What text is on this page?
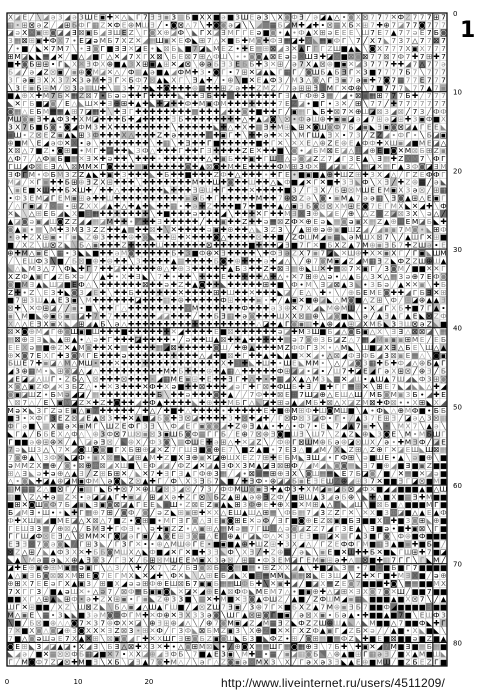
X ◪ E ╱ ╲ ◪ ə 3 ◢ ə 3 Ш E ▣ ✚ ✕ △ ◣ Г 7 Ǝ Ǝ ▣ 3 ▦ Б ■ X X ■ ə ■ 3 Ш E ə 3 ╲ X ◙ Ф Ǝ ╱ ə ◪ ▲ △ • ◙ X ⊠ 7 7 7 ✕ Ф Z 7 7 7 ⊞ 7
▦ • ⊞ ⊠ ə Z ╱ ◢ ⊞ Б Ф Г ▦ Z ✕ Ф E ⊕ M Ш Ǝ ╱ • ◙ ⊠ △ 7 ╲ ✚ ◙ ◙ ə ◪ ╲ ╲ ◢ ▦ ▦ Б ◪ M ✚ ◢ ✚ • ⊠ ▦ X Б ✕ ⊞ 7 ✚ ⊕ 7 ◪ 7 7 ◙ 7 7 7
◪ ə X ✕ ▣ ⊞ ◙ ◪ ◢ Ǝ ⊠ ▣ Б ◢ Ǝ Ш E Z ╲ Г ◙ X ⊕ ◪ Ф ╲ ◣ Г X ◪ Ǝ M Г Г E ə ■ ◙ • ▲ • Ф ▲ X ⊞ ə E E E ╲ Ш 7 E 7 ▲ 7 7 ə E 7 Б ◙
3 ▦ ⊠ ⊞ ▣ ✚ Ф X 7 • E ◪ ə M Б 7 X Z ✕ ◢ ▦ Ш ▣ ✕ E Ф ◣ ⊞ 7 △ ✕ ■ Б ✚ M ◙ ✚ Ф Ǝ ▦ ◪ ✚ X ◣ ▦ ▣ Ф Г ╲ 7 ╱ X 7 ◣ 7 3 7 △ 7 7 ⊠ 7
╱ • ■ ╱ ◣ ✕ 7 M 7 ╲ • Ǝ ◙ Г ■ Ǝ Ǝ ✕ ◪ E • ◣ ⊠ Б ◣ ■ 7 ◪ ◣ M E Z • ✚ E ▦ ⊞ ⊠ ◢ 3 ✕ ▲ Г Г Г Z Ш ■ ▲ ◣ ╲ ◙ X 7 7 7 X ▣ X 7 7 7
⊞ M ◪ ◣ ◣ ▦ ◢ ✕ ╱ ■ △ ◢ ■ Г △ ✕ ◢ 7 X Г X ⊠ ╲ Б E ⊠ 7 ⊞ △ Ф Ш ╲ • • ◙ ◙ ▲ ⊠ E ə ə ✕ Ш Ǝ ✚ ◪ ⊠ ■ ⊠ ◙ ⊠ 7 7 ⊠ 7 Ф 7 ✚ 7 ⊞ ✚ 7
■ ✚ ◙ Б ⊞ ⊞ • Г ◣ X ✕ Ǝ Ф X ⊕ ■ ▲ 3 X ⊞ ▣ ▲ ⊞ ✕ ◢ ⊠ ╲ ⊕ ə Б Ǝ 3 E Б Б ✚ 3 ✕ ⊞ ╱ ə 7 X ▲ ⊠ ⊕ ■ ▣ ✕ ◪ 3 7 7 7 ✚ ✚ ◢ 7 △ 7 7 ə
Б ◢ ╱ ə ◢ Z ⊠ ▣ ╱ ▣ ⊕ ◙ M ◪ ✕ △ ╱ Ф ▦ ▲ ə ■ ▲ ◢ Ф M ✚ 3 • ◙ Г • 7 ⊞ ✕ ◪ ▲ ◣ Г ▦ Г ╱ ◙ Ш Б ▲ Б Ǝ Г ✕ 3 ■ 7 7 7 7 Б 7 ╲ 7 7 7
3 Г ə ▣ Ǝ X X 3 7 ✕ 3 ə M ✚ Ǝ Г ✕ Б Ф 7 ⊠ ▲ ◣ X Г ╲ Ǝ ▲ ✚ ╱ • ⊕ ╲ ■ ✕ E ▲ Ф 3 ╱ M 3 △ ◙ △ Г Ǝ ▣ 7 ə ▣ ✚ 7 ◙ 7 ▦ 7 7 E 7 7 7
╲ 3 E ▣ Б ⊞ M ╱ ⊠ 3 ə ▦ Ш ✚ ╲ ▦ 3 ✚ 7 ✚ ◣ ✚ ◙ ✚ ✚ ✚ ⊕ ▦ ✚ ✚ ⊞ Z ə ✚ ✚ Z M Z ╱ 7 ə ⊞ ⊞ Ǝ 3 M Г ✕ Ф ⊕ ╲ 7 ■ 7 7 7 ◣ 7 7 ▲ 7 ▣
■ ▲ ⊕ X ✚ M 7 Б ✕ ▦ Z ⊠ 7 • Б ə ə ✚ ✚ Г ✚ ✚ ✚ ✚ ◣ ✚ ✚ Ǝ Б ✚ ✚ ▦ ✚ ✚ ✚ ✚ ✚ ✚ Г Ǝ ▲ Г Ф ⊕ 3 ▦ ╱ ◢ • ⊠ ▣ ▦ ⊞ 7 7 7 Б ✚ ╱ 7 7 7
◣ ✕ Г Б ■ ◪ ◙ ╱ E △ ◣ Ш ✕ ✚ Ǝ ⊕ ⊞ ✚ ▲ ✚ ◣ ✚ ◪ ✚ ✚ Ф ✚ M ▣ Ф M ✚ ✚ ✚ ✚ ✚ ✚ ✚ 7 E Z ◪ • ■ Г • 3 ✕ ╱ ⊞ ╲ 7 7 ╱ ✚ 7 7 7 7 7 7 7
◙ ▦ △ E Б M ▦ ▦ ▲ ⊞ 7 ◪ ▦ ✚ ╲ ✚ Ǝ Г ✚ ✚ ✚ ✚ ✚ ✚ ✚ ✚ ▦ ✚ ✚ ✚ ◢ ✚ ✚ ◙ ✚ ■ ✚ ✚ Г ╱ ▣ ▦ Г ◣ Б ✚ ⊠ 7 ✕ ⊕ Ш ◪ ⊠ 3 ◢ ⊠ ╱ 7 3 ╱ Ф Ф
M Ш ◙ ▣ Ǝ ✚ ▲ Ф 3 ✚ X M ◪ ✚ ✚ ✚ Б ✚ ◢ ✚ ✚ ✚ ✚ Ǝ Б ✚ ✚ ✚ ✚ ✚ ✚ ✚ ✚ △ ✚ ▲ ◪ ◙ ╲ ⊠ • Ф ə Ш ⊕ ✚ ▣ ▣ ◪ ə ◢ 7 ⊞ ə ◪ ⊞ ✚ 3 ▣ Ф ■ X
3 X 7 Б ■ Б ◙ • ◙ ◢ Ф M 3 ✚ X ✚ ✚ ✚ ✚ ✚ ✚ ✚ ✚ ╲ ✚ ✚ ✚ ✚ ✚ ◣ ✚ △ ✚ X ✚ ▦ Ǝ ✚ M ⊞ ◣ ⊞ ✕ ◙ Ш ◙ Ф 7 Б ◢ ▣ ◣ Ǝ ▣ ◙ ⊠ ◪ ▲ Г E E ◣
▣ Ш • Z ⊠ E Z ▣ ▲ ◣ ⊞ 3 Ф ✚ ✚ ✚ X △ ✚ ✚ ✚ Z ✚ ə ✚ ✚ ✚ ✚ Г ✚ ▣ Г ✚ ╲ ✚ ✚ ə ✚ ✕ ✕ ╲ M Г Ш ▲ Ǝ X • 7 3 ╱ Z Z ◢ • Ф Г • ╲ Б ◪ ▣
⊕ ■ M ╲ E ◢ ə Ф ✕ X • ə ╲ ✚ ✚ ✚ ✚ ✚ ✚ ✚ ╲ ✚ ▦ ╲ ✚ Ǝ ✚ ✚ Г ■ ✚ ✚ ✚ ✚ ✚ ■ ✚ Г ✕ ╲ ✕ X E △ ⊕ Z E ⊕ E ▲ Ф Ф ✚ X Ш ▣ ◢ ■ M E ◪ △
X ⊠ △ 7 ■ Z • ◙ ⊞ ■ • M Г ✚ ◪ ✚ ✚ ◣ 3 Ф △ ✚ ✚ ✚ Г ✚ ✚ Г Ǝ ✚ ✚ ✚ ✚ Z E ✕ ✚ ✚ ■ ╲ ◙ • ◢ Б M ⊠ E ◪ △ Ш ◢ ⊕ E ■ ◙ ✕ M ⊠ Б ⊞ Z ▣
△ Ф 7 ╱ △ Ф ▣ Б ■ ▦ ✕ Ǝ ✕ ✚ ə ✚ ✚ ╲ ✚ ✚ ✚ • ✚ ✚ ✚ ✚ ✚ ✚ △ ✚ ▣ Б ✚ ✚ ▣ ✚ Г Ш Ш △ ə ◙ ◪ Z Z 7 ◢ Г 3 E ▲ ╲ Ǝ ▦ ✚ Z X M 7 ╲ Ф Г
Г Ш ◢ Ф ⊠ E Ǝ △ ╲ ⊠ M M ✕ Г ◙ ✚ ✚ ✚ ▦ ▣ ✚ ✚ ✚ ✚ ✚ ◙ ✚ ▲ ⊠ ◙ ✚ M ✚ E ✚ ✚ ✚ ✚ Ф M ⊞ 3 Ф ✕ ⊞ ◢ ◪ ▣ Z ╲ ▦ ◪ ✕ ▦ Г ▲ 3 Ф ◙ ◪ Ǝ M
Ǝ Ф Г M • Ф Б M 3 Z Z ▲ ◣ ✚ ▣ ✚ 3 ✚ ✚ ✚ ◣ ✚ Б ✚ ✚ ■ ✚ ✚ ✚ Z Ф ✚ △ ✚ ✚ ✚ • ✚ Г E • ■ ▣ ■ ▲ ⊕ ✚ Ш Z ⊞ ✚ 3 X ◢ △ ╱ Г Z E Ф Ф Г
M ◪ ╱ ✕ Г ▣ ✚ ✚ Б ⊞ ⊕ Ǝ Z X ⊞ ✚ ✚ ✚ ╲ ✚ ✚ ✚ ✚ ✚ ✚ ✚ M ✚ ✚ Ш ✚ ◙ ✚ ✚ Ш ✚ ✚ △ ◣ Ф ■ ◢ ✕ Г ✕ ■ ✚ 3 Ǝ ◣ Ф ╲ X Ǝ ╱ ✚ Z ⊕ ▦ ╱ ə ◣
╲ ▣ E ■ ✕ Ш ✚ ✚ Б ✕ Ш ✚ ╱ ✚ ✚ △ ✚ ✚ ✚ ✚ ✚ ✚ ◣ ✚ ✚ ✚ Ǝ ⊞ Ш ✚ Г ✚ ✚ ✚ ✕ ✚ ✚ ✚ ✚ ■ 3 ╱ Г Ǝ X ╱ Б ⊞ ⊠ M Ш E E M ▣ X 3 ə ⊠ ╱ ⊞ ▦
• Ф 3 E M ◪ Г E M ▣ ⊞ ə ✚ ✚ Ш ✚ ✚ ✚ ✚ ✚ ✚ ✚ ✚ ✚ ✚ ▣ ə Б ✚ Г ✚ ✚ ✚ ✚ ✚ M ✚ ✚ 7 ⊕ ⊠ Z ə ╲ ◙ • ▣ M ▲ 7 ə ə ▦ ╲ Ǝ ◙ ▲ ⊞ △ E ▣ Г
╱ △ Г ▣ ◪ 7 ⊠ ▦ • ⊞ Z X X ◢ ▲ ✚ △ ✚ ▲ ✚ ◣ ✚ ✚ ▦ • ✚ ə ✚ Z ✚ ✚ ✚ ■ 7 ✚ ■ ✚ ✚ ▲ △ ▣ Ǝ Б ◙ ⊠ ⊠ X M ⊞ E ◙ 7 E Г M X ◣ ✕ ◢ ✚ ╲ Ф
✕ ◣ ╲ △ ⊞ E Б ◢ ◣ X ■ Ǝ ▦ ✚ ✚ ✚ ✚ ✚ ✚ ✚ ╲ ✚ ■ ✚ ✚ ✚ ə ✚ ✚ ✚ ◢ ╲ ✚ ✚ ✚ ✕ Г ✚ ✚ M Ǝ X Ǝ ⊕ ◣ ◪ E ╱ ⊕ ╲ △ Z ◙ Z ◪ ⊠ 3 X ╲ ə △ ╱
▲ ◪ ◙ ə ▣ ◢ Ш ◙ Z Z ◢ ◢ ▦ ◪ M ✚ ✚ • ◢ ✚ ✚ Ǝ ✚ ✚ ✚ ✚ ✚ ╱ ✚ ✚ ▣ ✚ ✚ Z ✚ ✚ ə ▦ ⊠ Z Ф ✕ ⊕ E ə ◣ ▦ ◙ ə ▣ X ▦ Z ▲ ⊕ Ш E M ◪ Б ◣ ✚
◙ ▲ ▣ • ▦ ╲ M ✚ 3 M 3 3 Z Z ✚ ✚ ▲ ▦ ✚ ✚ ⊠ ✚ ╲ ✕ ✚ ✚ ✚ ✚ ə ▣ ✚ ⊕ ✚ ✚ △ ◣ 3 Z 3 ╲ ╱ ▲ ⊞ ⊕ ə ⊕ ▣ ■ Ш Z ◢ ╱ ◢ ▣ ▣ 7 M ◙ • ◣ ⊞ Ф
• ə ✚ Z X ⊞ ▣ • Г ▣ ◣ Z ⊕ 3 ✚ ✚ ✚ ⊕ ✚ ◙ ◣ ✚ ✚ ⊞ ✚ ✕ ✚ ✚ ✚ ◙ △ ✚ ✚ ✚ ✚ ⊠ ✚ ✚ ■ ╱ Z Ф Ш M ◢ ▣ ▦ ◣ ə M Ш X ⊠ 7 ╲ ╱ ▲ Ш Г ✕ ⊞ ■
■ ╱ X Z ╲ Ш ⊠ Z ◣ ╲ Б △ ▣ ✚ ✚ ✚ Z ✚ ✚ ✚ ✚ Ш ✚ ✚ ✚ ✚ ✚ ✚ ⊠ ✚ ✚ ✚ ✚ ✚ ■ ✚ ✚ ✚ ◪ Ǝ ■ 7 Г ✕ ■ Б X Z ▲ 7 M ⊕ ▣ Ǝ Б 7 ✚ Z Ш ə • E
⊕ ✚ M △ ▣ E ╲ ▦ • 3 ◣ ◣ ■ ✚ ✚ ə M ◙ ✚ ✚ ✚ ✚ ✚ Б ✚ 3 ■ Ф ⊕ ✕ Ǝ ✚ ✚ ✚ ✚ ╲ ✚ Ф Ǝ ə Z X 7 ▣ 7 ◪ ◣ ✕ Ш ⊕ ✚ X ✕ ▣ X Г ╱ Г ▣ ◣ Ш M
╱ ╲ E Ш Ф 3 ╲ ■ ╱ Б ⊠ ■ ⊕ ✚ ⊕ ✚ ✚ ╲ 3 ✚ ✚ ✚ ✚ ▲ ▦ ✚ ✚ ✚ ✚ Б ◙ ✚ ⊕ ✚ ✚ ✚ ə ✚ ◢ △ ╲ ╱ ⊕ 7 ◙ M ▣ ◢ Z ◢ M ▦ Ǝ Z ◣ Ф Z Z Ш ⊕ Ш ▲
◣ △ ◣ M 3 △ 7 ╲ Ф ◣ ✚ Г 7 ✚ ✚ ◪ ✚ ✚ ✚ ✚ ✚ ⊕ △ ✚ ⊕ 3 ✚ ✚ ✚ ✚ ✚ ▲ Б 3 ✚ ✚ Z ✚ ⊠ Ǝ ▦ ⊕ ◣ Ш ✕ ✚ ▦ ⊠ 7 ✕ ▣ Г ╱ 3 ◙ M ╱ ■ ■ ✕ ✕ Г
X Z Ф ▲ ▣ Г ◢ Z Б ✕ ə ╱ ╱ ▲ ✚ • X ✚ Ǝ ◣ ╲ 7 ✚ • ✚ ✚ ╲ ✚ ✚ ✚ E ✚ ✚ ✚ ✚ ✚ △ ✚ △ • ✕ 7 ⊞ ⊕ △ ə • △ ▲ Б △ 3 ✕ △ ▦ 3 ə ⊕ 7 E Ф ◙
◙ ■ M Ǝ ▲ ◣ Ш ◪ ■ E Ф △ ╲ ✚ ✚ ✚ ✚ ✚ ✚ ⊠ ✚ ✚ ə ✚ Z ✚ ▲ ◙ ✚ ✚ ◣ ✚ ✚ ✚ ✚ ✚ ⊞ ✚ ■ ╲ Ф • M ╲ Ǝ ◪ ⊠ ▲ 3 ◣ • 3 Б ə ╱ ▲ ✕ ✕ ▣ ╲ ✚ Б
Z ✚ • Z ╲ E 3 ✚ ◣ ◙ 3 ◢ E ✚ ╲ ✚ ✚ Б ✚ ✚ ✚ ✚ ✚ ✚ ✕ ✚ ✚ ✚ ✚ ⊞ ✚ Ш ✚ ✚ ✕ ✚ ✚ ✚ ◣ ◪ ╱ E △ ╲ ✚ • ╲ ╱ ⊕ Б E M E ◙ ✚ ✚ ◢ Г Б Ǝ ✕ ⊞
■ 7 ⊞ 3 Ш ▲ ▲ E 3 ▣ ╲ M ✚ ✚ ✚ ✚ ✚ ✚ ◪ ✚ ✚ ✚ ▦ ✚ ⊕ ✚ ✚ ✚ ✚ ✚ Ф ⊞ ✚ ✚ ✚ ▣ • ✚ ╱ ▲ ▣ ✕ ■ ⊕ ◪ ◣ △ M ◙ ■ △ Z ⊞ ╲ Ф ╱ ⊞ ◪ ⊕ ▲ ▲ Ǝ
⊠ ✚ ╲ ✕ Ф ⊞ ◪ ╱ ╱ ▣ • ■ ╲ ✚ ✚ Г △ ✚ ✚ ✚ ✚ ✚ ✚ ✚ ✚ ⊠ M ✚ ✚ ✚ ✚ ✚ ✚ Ф ✚ ✚ ✚ ə 3 ⊕ ✕ 7 X ◢ ◣ M ⊕ M Ш ╱ • X ◢ Г X Б ✚ ■ 7 Г ▲ •
▣ ╲ M ■ ◣ ⊕ ▣ Б ▣ ▦ ◪ ✚ 7 ✚ 7 ✚ ✚ ✚ ✚ ✚ ✚ ◢ ◪ ✚ ✚ ✚ ╱ ✚ ✚ Б Ǝ ▦ ✚ ə ◙ ✚ ✚ ✚ Ш X X ⊠ ▦ ⊕ ╲ ◪ ◙ ■ ◣ ╲ ə ╱ ▲ Ǝ ▲ Г ▲ E ◣ ⊠ Z Ф
X △ △ E Ǝ X ▣ X ◣ ◢ ⊞ ◢ ▲ Б ╲ ə △ ✚ ✚ ✚ ✚ ✚ ✚ ✚ ✚ ✚ ✚ ✚ ✚ ✚ ✚ ✚ ✚ ✚ ✚ △ ◪ ✚ ▲ Г ◙ ▣ ▦ ✚ ▲ ⊕ ◢ ▲ ⊞ ◪ X M Б ◣ 3 Ǝ Ш ⊠ ə Z ◣ ■
⊠ ✕ ◙ ⊕ M ◢ Г ⊕ ◙ Ш ▣ ■ Ш ✚ ✚ ✚ ■ ✚ ✚ ✚ ✚ ✚ ✚ ✕ ◢ ✚ ✚ ✚ ✚ E ■ ⊠ ✚ ✚ ✚ ✚ ✚ ✚ ə ◪ ✚ M 3 Ш ■ Б ◢ △ ◙ Б ▣ △ X ╲ Ǝ Ǝ △ ⊠ ⊠ ◪ ╲ ▦
▦ ⊠ ⊕ Ǝ Ǝ ◣ ◣ ▲ ⊞ ▲ • △ ə ✚ Г ✚ ✚ ✚ ◪ ✚ ✚ ✚ ✚ • ╱ ə ✚ ✚ Ш ▲ ⊠ ✚ ✚ ▲ ✚ ✚ ✚ ✚ ✚ ▦ ə 7 ◙ ⊕ 3 Б ◪ Z △ 7 ▦ ◢ M ▣ ▣ ▣ ⊞ M E ╱ E Б
E E X ə ▦ ■ ⊕ Z ✕ ▲ M ◙ ✚ ✚ X ✚ ▦ ✚ ✚ ✚ ✚ ▦ ◢ ⊠ ✚ ✚ ✚ ✚ ✚ ◙ Ш ╱ ✚ ⊕ ▲ ✚ ✚ ✚ M Z Ф Ф Г 3 ✕ • △ M ◣ ╲ Ш ■ ◪ X Ǝ △ Б E ╲ Ш △ ▲
⊕ ✕ ◙ 7 E X Г ✚ 3 ◙ M Г E ✚ ✚ ✚ ə ✚ ✚ ✚ ✚ ✚ ✚ ✚ ✚ ✚ ✚ △ ◢ ✚ ■ ⊠ ✚ Г ✚ ✚ ▲ ✚ ◣ ▲ ■ ✕ ✕ ◢ • △ ⊠ ◢ Ф Ǝ Ф Б ◢ 3 ⊠ ▣ E ▦ △ ╲ ◙ ▣
Б Ш E 7 ✚ ▣ ◪ △ M △ M Ш • ✚ ✚ ✕ ✚ ✚ ✚ ✚ ✚ ✚ ✚ ✚ ✚ ✚ ✚ ✚ ✚ ✚ X ✚ Ǝ ✚ ◣ ✚ Ш ✚ • Ш E ◣ M M • ╲ △ ╱ ◪ ◙ 3 ▦ ✚ Б ✚ Ф ◢ △ ⊕ Б ▲ Г
◢ 3 ⊕ ▦ M • ◣ ⊞ ◙ ◪ △ ◢ △ ✚ ✚ ✚ ✚ ✚ ✚ ✚ ✚ ✚ M ✚ Б ✚ ✚ ✚ ⊕ ✚ ▲ ▦ △ ✚ ✚ ✚ ✚ ✚ Ф ⊞ ◪ ◪ • ◪ • ╱ Ш 7 ✚ ◪ E ◢ Г ə X ⊞ ⊠ ╱ ⊕ Ǝ ╱ Б
◢ E ◪ ◪ △ Ш Г • Z Б △ ╲ ⊠ ✚ ✚ ✚ ⊠ ✚ ✚ ✚ • ◢ ▦ M E ▣ ⊞ ✚ E ✚ ✚ Ǝ Г ✚ △ ✚ • ✚ ▦ ◢ X ▲ △ M 3 ◣ ▦ ✕ ◢ Ш • ▲ Ш ▲ 7 Ш ◢ ◣ Ф 3 ⊞ ◙
✕ ◙ △ ▣ Z Ф ◢ ✕ 3 Б Z △ • ✚ ✕ 3 ✚ ✚ ✚ ✕ Ф ✚ X ə ■ ✚ ✚ ⊠ ✚ ✚ ✚ ◢ ə Г ✚ Г ⊠ ✚ Ф Ш Б ✚ Ǝ ╱ ■ ✚ Г Г ▦ ⊞ ✕ ╲ ⊞ E 7 ◣ ◢ ◣ ◣ △ ✚ ◢
◙ ▣ ◪ Ш Z • Б M ə ◢ ◪ ╱ ▦ ✚ ✚ ✚ ✚ ✚ ✚ ✚ ✚ Б ╲ ✚ ✚ ə ✚ ✚ ✚ ◙ ✚ ▲ ╱ ╱ 7 Ф ✚ ✚ ⊠ E ⊞ 7 Ш ◪ ⊕ △ E Ш △ Ш ╱ M Б ◙ M ▣ 3 Б • ◢ ✚ E
╲ ⊠ 7 △ ╱ E ╲ ▣ M ◪ Z ✕ ✚ Z ✚ ◙ ✚ ✚ ◢ ✚ Ф ▲ ✚ ✚ ✚ ✚ ◣ ✚ ⊕ ✚ ✚ M Б Г △ ◣ ◪ ✚ ⊞ ə ▲ ◢ M Б ✚ ⊠ △ X ◪ Z M ⊠ ✚ Ф ⊠ • • X ⊞ ◣ X ◢
M ə ✕ ◣ 3 Г Z ə E ▣ △ ▣ 7 ✚ ✚ ✚ ✚ ✚ ╱ ✚ △ ╱ ✚ ■ ✚ △ ✚ ✚ ✚ ✚ • ✚ ✚ ✚ ✚ ✚ E ✚ ■ ⊕ M ⊞ Ф ✚ Ш ◙ M Ш ■ ╲ ▲ • Ф ◣ △ ⊕ M Ф ■ • Б Б
■ Ǝ • ✕ Ф Г 3 E Z ⊠ ◢ E ▲ ⊠ 3 ✚ ✚ ✕ ▲ ■ ◪ Б ◙ ✚ Ǝ ⊠ ◪ ✚ ✚ ✚ ✚ 3 ✚ ⊠ ✚ ◢ ✚ ╱ Г ⊠ Ф ⊠ 3 ◪ Ф • Г • ╱ ▲ 3 7 E ⊞ Ǝ ╱ ◪ ə △ 3 ⊠ ▦
Ф Г ə ■ ╲ ▦ X ▦ ə ✕ ▣ M Г ╲ Ш Z E Ф Г 3 Ǝ ╲ ╲ Ф ◢ E Г ▣ ◙ ◙ ◢ ✚ Z ⊕ Ǝ ▲ ▲ • ✚ △ • Ф 7 • E ◣ 7 ◢ ▲ 7 ▣ ✚ ╲ • ╲ M X 7 ╲ ▲ ə ╲
◣ Г ▲ ╱ Б Б E X △ Ф △ ╲ ⊕ 3 Ф ⊠ 7 Ш ⊠ ▣ ⊠ 3 ▣ Ш Б ◙ Ф ▦ Г Г Б ╱ E ⊕ 7 ⊠ ⊕ Ǝ ◙ ■ Ш Ǝ ╲ Ш 7 ╲ Z ▲ Z ◣ ⊕ ◣ 3 ◙ E ╲ M • M Б Ш Г
Г ■ ■ ə ⊕ ⊞ ⊕ ✕ ╱ ▲ ╲ ◪ ə Ǝ ⊠ ╱ ◣ ⊕ X ╱ Ф 3 ◙ ╲ ▦ Ф Ш E ✚ ə ⊞ △ ✚ ✕ ◪ Z ╲ ╱ Ф ⊕ Г ⊠ Ш M ⊕ Б ə ⊕ ◪ ⊠ Ш X ╱ ə • ✚ M Ǝ Ф ╱ ◪ E
7 ə ◣ Ш 3 △ ╲ 7 ✕ ◢ ◙ Ш ◙ ◙ ■ Г X Б ⊞ ⊕ ◪ ✕ Z 7 Г Ш Ǝ ■ ◙ ⊕ E 7 ╲ ■ Z ▲ ■ • 7 E 3 △ ■ ◢ M ╱ X ◣ Z ⊞ △ Z ⊕ Г ✕ ◪ E Ш ◣ Ш ⊠ ▦
7 ◙ ⊕ ▲ ╲ 3 Ф ✕ ◣ ◪ Ф • ▣ X ⊠ ▦ ◣ ◪ ⊞ ▲ M ✚ Z ■ X Ǝ ⊕ ▣ ✕ ◪ ⊕ Ш X E Z 7 ⊞ ✚ E Б M ◣ Ǝ Ш ◢ • Г Ф ⊞ ╲ ə ■ Ш E • ▲ ╲ ə ■ ⊕ ╲ ■
ə M M Z X ▦ ⊕ ╱ ◙ • ⊠ ⊕ ⊕ ⊠ ◢ X Ш ■ ╲ E Ф ◢ ◪ ╱ Ф Z ◢ ✕ ◪ ▲ Ǝ Ф X 3 M ▲ ◪ Ǝ ⊠ ⊞ Ф ╱ ◢ M ◢ ◣ ◙ ◙ ▦ ◣ Ǝ 7 ■ ⊕ ◢ ■ Ǝ ■ ▣ Z ■ ■
⊞ △ Ǝ ◣ ə ✚ ə ⊕ △ ▲ Ǝ ╱ Z ⊞ Б ⊞ ✕ ╱ ◣ ✕ 7 ✚ Ǝ Г Ǝ ▲ Г Ф ⊕ 3 ▦ ╱ ◢ • ⊠ ▣ ▦ ⊞ ⊕ Ǝ X ╲ ◙ Ш ▦ ▦ ◣ E 7 Б ◪ ◙ ╱ ■ ╱ ✕ ▦ ■ ✕ ◪ ə ■
△ • ◙ ◣ ✚ ◪ ▲ ⊕ ◪ M ▣ Ф M ╲ ə ◙ ◣ Z ⊠ ▲ ✚ Г ╱ Ф ╲ X 3 Ǝ Б 7 ◣ ■ ╱ ✚ Ǝ Ф • ⊕ ◪ ◪ Б ▣ E Ǝ E Ш Z ⊕ ◢ ⊞ 3 7 ✕ ■ ■ Ǝ Г ◪ ⊠ ■ M ■
▦ M ▦ ▦ Z △ ■ ⊠ Г ╱ ▣ ▦ Г ◣ Б ✚ ⊠ 7 ✕ ⊕ Ш ◪ ⊠ 3 ◢ ⊠ ╱ 7 3 ╱ Ф Ф M Ш ◙ ▣ Ǝ ✚ ▲ Ф 3 ✚ X M ◪ ▣ ◪ Б ⊠ ◢ Ф ✕ ■ ◢ ◢ ■ ■ ■ ▲ ■ △ Ш
▦ ■ ╲ Z △ ✚ ə ▦ Z ✕ • ə ◪ ◪ ▲ Г ✚ ▣ ◪ ╱ ⊞ ◢ X ə ✚ Z Г ⊠ ╲ Б Z ▲ ⊞ ▲ ə ⊕ Ǝ Z Ф ╱ ■ ⊞ Ш ▲ 3 ◢ ə Б ⊕ ╲ ◣ ✚ △ ■ X ■ ▦ Ǝ ✚ M ■ ■
■ ⊞ ✕ ◙ Ш ◙ Ф 7 Б ◢ ▣ ◣ Ǝ ▣ ◙ ⊠ ◪ ▲ Г E E ◣ ▣ Ш • Z ⊠ E Z ▣ ▲ ◣ ⊞ 3 Ф ⊕ E ✚ ⊕ X ■ ✕ M ⊞ ▲ △ Г ◣ ◢ Ш ╲ ■ ⊠ Б ■ △ ■ ■ ■ M Г ■
Б ◢ M Ǝ • Ш • • ◣ ✚ Г ▦ ⊕ 7 ⊞ ╱ ◙ Ф ╱ ◙ ╱ ə Z ◣ ⊞ ▣ ⊞ ✚ ✕ X △ E Ш ▲ Ш △ ⊞ ▦ ╲ Ф Б ▦ 7 ◢ 3 Z Z Г ✕ ╲ ✕ X ■ 3 Ф ◪ ■ △ ▲ E ▲ Ф
Ф ✚ X Ш ▣ ◢ ■ M E ◪ △ X ⊠ △ 7 ■ Z • ◙ ⊞ ■ • M Г Ǝ Г ◙ △ Ǝ E ▣ ◙ ⊞ E ✕ ə Ф ╱ Ǝ Г ■ ◙ ⊕ E Z ⊠ ▣ ■ Б Ǝ ■ ■ X Г ✚ ■ 3 ◙ ⊞ ◣ ⊕ ■
Г E Ш Ǝ 3 ▦ ╱ ⊕ ⊠ △ ╱ Б M Ǝ ✚ Г Ф Ǝ • ╲ ə ✚ ▣ Z Z • △ ▣ ⊞ △ ▦ M ə ▦ 7 Г Ш Ш △ ə ◙ ◪ Z Z 7 ◢ Г 3 E ▲ ╲ Ǝ ■ ə • ■ ✚ ▣ ⊠ ╲ Г ■
Г Г Ш ◢ Ф ⊠ E Ǝ △ ╲ ⊠ M M ✕ Г ◙ ◪ ə Г ▣ ╱ ▲ ◙ E ⊞ Ǝ ◙ ▦ △ E Г ⊕ ▲ Г ◪ ◣ Ф △ ✕ 3 Ǝ E Ǝ ■ ▦ ◪ ✕ ▦ Г ▲ 3 ■ Г ◙ ╲ Ф ⊕ ■ Ф ■ ■ ■
E Ǝ Ǝ ⊠ 7 ◙ ə ◙ ◣ ╱ Г ⊞ 3 ◣ ╱ Г 3 Г ✕ • • ⊕ △ M Ш ⊕ Г E • ■ ▣ ■ ▲ ⊕ ✚ Ш Z ⊞ ✚ 3 X ◢ △ ╱ Г Z E Ф Ф Г M ■ ▦ Ǝ ▲ ■ ▣ ✚ ■ Б ■ ╱
⊠ Z △ ⊞ ╱ ◣ ▲ Ф 3 X ✕ ✚ Б Б ◙ M Ш X △ ◣ Ф ■ ◢ ✕ Г ✕ ■ ✚ 3 Ǝ ◣ Ф ╲ X Ǝ ╱ ✚ Z ⊕ ▦ ╱ ə ◣ ╲ ▣ E ■ ✕ Ш ✚ ✚ Б ✕ ■ ◣ Г Ш ⊞ ✚ 7 ■ ◪
◣ ▲ ╲ M ə ▦ ə ◣ X ⊕ ▲ Ǝ ◙ 3 ╱ Г Ǝ X ╱ Б ⊞ ⊠ M Ш E E M ▣ X 3 ə ⊠ ╱ ⊞ ▦ • Ф 3 E M ◪ Г E M ▣ ⊞ ə ✚ △ ▦ ⊠ ■ ✚ ▦ 7 Г Г ╲ Г ◣ M ╱
◪ ✚ E ⊕ ▣ ⊕ ⊞ M ▣ ▦ ə ▣ Г ╲ △ 3 ╱ ╲ ✚ ╱ X 7 ╲ Z ╱ Б Ǝ ◙ ⊠ Б ə ◙ ▦ ■ ▦ • ⊞ Z X X ◢ ▲ ╲ ✚ ■ ◪ ◣ 3 ▦ • 7 ■ • ■ Б ■ Г 7 ■ ■ ■ ■
▲ △ ▣ Ǝ Б ◙ ⊠ ⊠ X M ⊞ E ◙ 7 E Г M X ◣ ✕ ◢ ✚ ╲ Ф ✕ ◣ ╲ △ ⊞ E Б ◢ ◣ X ■ Ǝ ▦ M M ◣ ▣ ▦ ⊠ ◣ E 3 Ш ◢ ╲ Z ✚ ✕ Г ■ ✚ M Ǝ X ■ ╱ ə ⊕
⊕ ⊞ X 7 E E ə Г X ▲ ▣ 3 ╱ ⊞ ■ X ◢ ə ə ⊞ Ф ⊕ E Ш ⊠ Б 7 ▣ ▣ Б ▦ ▦ Ш Ф Б ✚ ╲ ✕ ▣ ✚ ◢ ╱ ■ ◪ X ▦ Z E ◙ 7 ■ ■ ■ ✚ ◙ ╲ ▦ ▦ ■ ■ M X
7 X Г Г 3 ╱ ■ ▲ ə Ш ✕ • △ ə 7 ╱ ⊠ Ф ▦ Б ▣ ▣ ◙ ◣ ✕ ◪ ✕ ◢ ⊕ E ▲ ⊠ Ф Ф ◣ M E M 7 △ • ■ ▣ ⊕ ✚ △ ◪ ⊞ ✕ Ǝ X ◙ 7 ◙ ✕ Ш ╱ ■ ■ 7 ■ ■
■ ■ X Г △ ⊞ ▲ ◣ ⊞ Ф • ə ✚ Z X ⊞ ▣ • Г ▣ ◣ Z ⊕ 3 3 ■ ╲ ▦ ✕ ✚ M ■ ✕ Ǝ ◙ ▲ Ф Ш Z ╱ ▲ ■ ╱ Z Ф Ш M ◢ ▣ ▦ ◣ ■ ■ ■ ▲ ■ X ⊠ 7 ╲ ╱ ▲
Ш Г ✕ ⊞ ■ ■ ╱ X Z ╲ Ш ⊠ Z ◣ ╲ Б △ ▣ ◢ △ Ш ▲ Г Ш ■ ╱ ◢ ⊠ Z Ш 7 Ǝ ▣ ╱ 3 ⊕ 7 Г ✕ ■ Б X Z ▲ 7 M ⊕ ▣ Ǝ Б 7 ■ ■ Ф ◢ ■ ■ ■ ■ Ǝ ■ ■
M △ ▣ E ╲ ▦ • 3 ◣ ◣ ■ 3 ə M ◙ Ф Ф Г M ✚ ✕ Ф ⊕ ✕ Ǝ X 3 3 ə ◙ ╲ Ш Г ▲ ⊠ ⊞ ◙ Г ■ ▣ ╱ ə ⊠ X ▣ • Б ə ▲ • ✚ ■ ■ ▲ ■ 7 ■ ╲ E Ш Ф 3
╲ ■ ╱ Б ⊠ ■ ⊕ △ △ ◙ 7 ✕ 3 7 ⊕ Ф X ✕ ◪ ╲ ⊕ Ǝ ⊞ ⊕ ◢ △ ╲ ╱ ⊕ 7 ◙ M ▣ ◢ Z ◢ M ▦ Ǝ Z ◣ Ф Z Z Ш ⊕ Ш ▲ ◣ △ ◣ M ■ ■ △ 7 ■ ■ Ф ◣ ✚ Г
7 ✕ ■ X ◙ △ ◙ ◪ ⊕ 3 ◙ X X ✕ Ǝ Z ⊠ 3 • ⊞ ✕ Ф ╱ Г 3 Ф ◣ ⊠ Б M Z ▣ 3 ╲ X ⊕ Z ■ ✕ ✕ Г X Z Ф ▲ ▣ Г ◢ Z Б ✕ ə ╱ ╱ ▲ ■ • X ◣ ■ ◣ ╲
7 ■ △ ◙ ə Ш ə E 7 X ▲ ✕ ⊞ ╲ ⊠ ▣ ◙ ◢ Г ✚ ✕ X Ш Г Ǝ ⊞ ◙ Б Z ▣ ◙ Ш ◣ Б 3 ■ ◣ Ф Z • ⊞ ╱ ◙ ⊞ ▦ ■ ▦ Ф Z ◣ ✚ ■ E ■ ⊠ ■ ■ ə ■ Z ■ ▲
◙ E ⊞ ◣ 3 ◢ ◪ ▲ ◪ • X ◢ Ǝ ╲ Б Ǝ △ ⊠ ✚ X 3 ✕ ✚ • △ ◙ ⊞ M ⊠ ◣ • ╱ ⊕ ◙ X ▦ ▦ Ш Г ▦ ◙ ▦ ⊕ Ǝ ╲ 7 Б ✚ ╲ ✚ ▣ ✕ ◢ 7 M ■ Ǝ ■ ▦ Б ▦ ■
◣ ◢ ə ╱ ■ ✕ ▦ ⊠ ⊠ Ф Б ▦ ◪ ■ ✕ 7 • X X ◪ ⊕ ◢ Ǝ Ф Б ╲ 7 ■ ▲ E 3 ▣ ╲ M ✚ ⊞ • ▦ ╱ ▣ ◪ ▦ ◙ Б ◣ △ ⊕ ▲ ■ ⊞ Г ▦ ə Ǝ ╱ ■ X ▲ M ■ Ш ◣
Г ╱ M ◙ Ф 7 Z ◪ ⊠ ✚ M ■ Ǝ ╲ X Б ╲ ◪ Ǝ ▲ 7 ◙ ✚ M △ ╱ ╲ ə Г △ Z ◙ ▣ ə ⊠ M X 3 ╲ X ╱ Г ə X ə 3 Ǝ ◣ ▲ E ⊕ ■ M Ш ╱ ■ Z Б E Z Г ■
0
10
20
30
40
50
60
70
80
0	10	20
1
http://www.liveinternet.ru/users/4511209/
